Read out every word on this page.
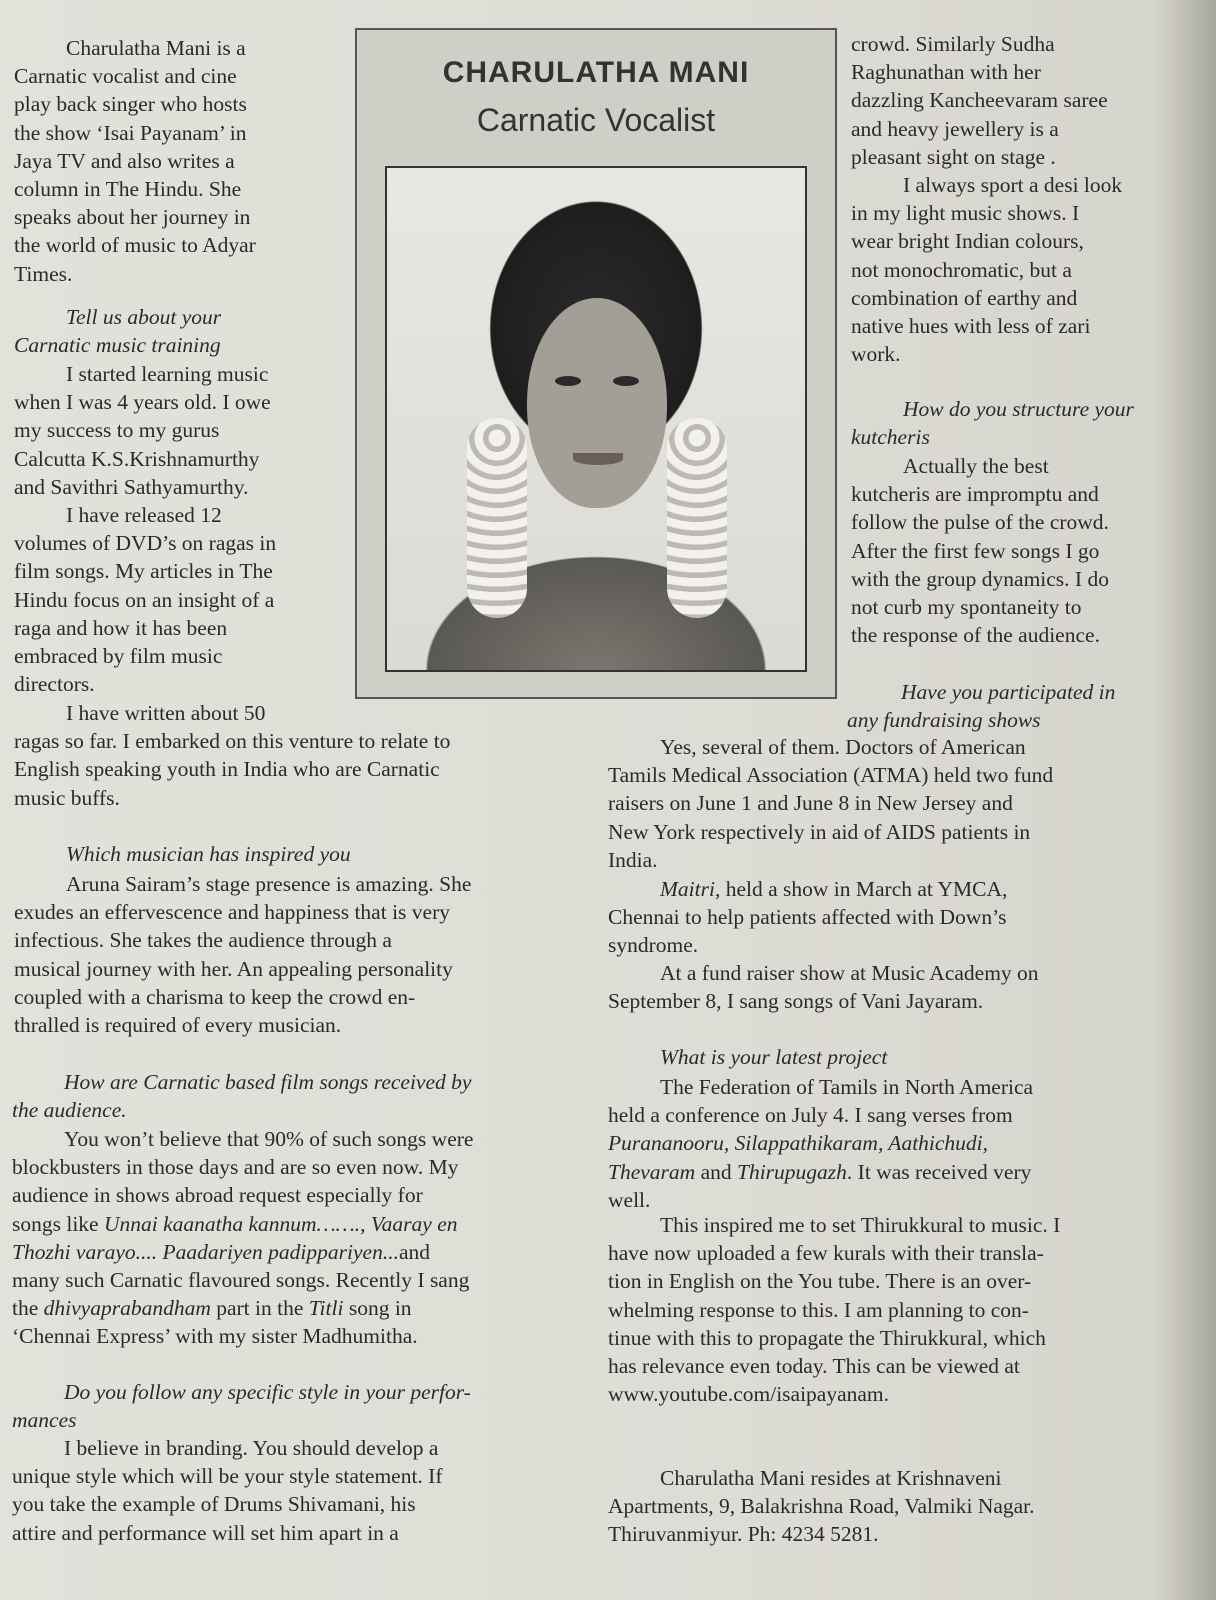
CHARULATHA MANI
Carnatic Vocalist
Charulatha Mani is a
Carnatic vocalist and cine
play back singer who hosts
the show ‘Isai Payanam’ in
Jaya TV and also writes a
column in The Hindu. She
speaks about her journey in
the world of music to Adyar
Times.
Tell us about your
Carnatic music training
I started learning music
when I was 4 years old. I owe
my success to my gurus
Calcutta K.S.Krishnamurthy
and Savithri Sathyamurthy.
I have released 12
volumes of DVD’s on ragas in
film songs. My articles in The
Hindu focus on an insight of a
raga and how it has been
embraced by film music
directors.
I have written about 50
ragas so far. I embarked on this venture to relate to
English speaking youth in India who are Carnatic
music buffs.
Which musician has inspired you
Aruna Sairam’s stage presence is amazing. She
exudes an effervescence and happiness that is very
infectious. She takes the audience through a
musical journey with her. An appealing personality
coupled with a charisma to keep the crowd en-
thralled is required of every musician.
How are Carnatic based film songs received by
the audience.
You won’t believe that 90% of such songs were
blockbusters in those days and are so even now. My
audience in shows abroad request especially for
songs like Unnai kaanatha kannum……., Vaaray en
Thozhi varayo.... Paadariyen padippariyen...and
many such Carnatic flavoured songs. Recently I sang
the dhivyaprabandham part in the Titli song in
‘Chennai Express’ with my sister Madhumitha.
Do you follow any specific style in your perfor-
mances
I believe in branding. You should develop a
unique style which will be your style statement. If
you take the example of Drums Shivamani, his
attire and performance will set him apart in a
crowd. Similarly Sudha
Raghunathan with her
dazzling Kancheevaram saree
and heavy jewellery is a
pleasant sight on stage .
I always sport a desi look
in my light music shows. I
wear bright Indian colours,
not monochromatic, but a
combination of earthy and
native hues with less of zari
work.
How do you structure your
kutcheris
Actually the best
kutcheris are impromptu and
follow the pulse of the crowd.
After the first few songs I go
with the group dynamics. I do
not curb my spontaneity to
the response of the audience.
Have you participated in
any fundraising shows
Yes, several of them. Doctors of American
Tamils Medical Association (ATMA) held two fund
raisers on June 1 and June 8 in New Jersey and
New York respectively in aid of AIDS patients in
India.
Maitri, held a show in March at YMCA,
Chennai to help patients affected with Down’s
syndrome.
At a fund raiser show at Music Academy on
September 8, I sang songs of Vani Jayaram.
What is your latest project
The Federation of Tamils in North America
held a conference on July 4. I sang verses from
Purananooru, Silappathikaram, Aathichudi,
Thevaram and Thirupugazh. It was received very
well.
This inspired me to set Thirukkural to music. I
have now uploaded a few kurals with their transla-
tion in English on the You tube. There is an over-
whelming response to this. I am planning to con-
tinue with this to propagate the Thirukkural, which
has relevance even today. This can be viewed at
www.youtube.com/isaipayanam.
Charulatha Mani resides at Krishnaveni
Apartments, 9, Balakrishna Road, Valmiki Nagar.
Thiruvanmiyur. Ph: 4234 5281.
